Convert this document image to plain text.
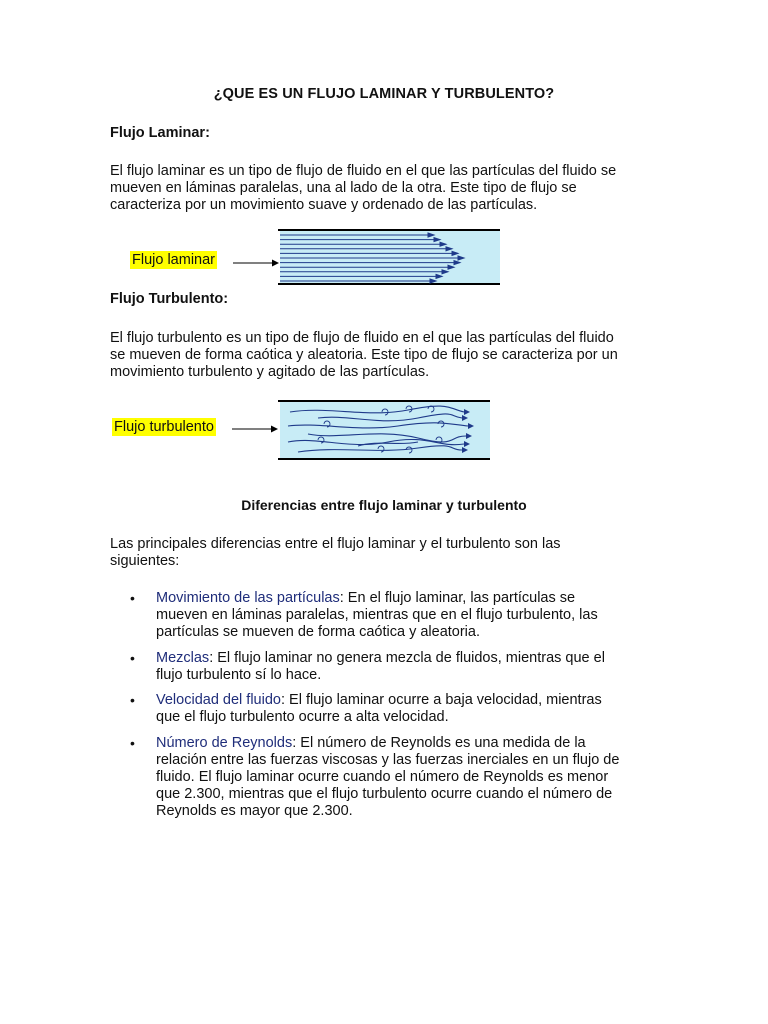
¿QUE ES UN FLUJO LAMINAR Y TURBULENTO?
Flujo Laminar:
El flujo laminar es un tipo de flujo de fluido en el que las partículas del fluido se
mueven en láminas paralelas, una al lado de la otra. Este tipo de flujo se
caracteriza por un movimiento suave y ordenado de las partículas.
Flujo laminar
Flujo Turbulento:
El flujo turbulento es un tipo de flujo de fluido en el que las partículas del fluido
se mueven de forma caótica y aleatoria. Este tipo de flujo se caracteriza por un
movimiento turbulento y agitado de las partículas.
Flujo turbulento
Diferencias entre flujo laminar y turbulento
Las principales diferencias entre el flujo laminar y el turbulento son las
siguientes:
• Movimiento de las partículas: En el flujo laminar, las partículas se
mueven en láminas paralelas, mientras que en el flujo turbulento, las
partículas se mueven de forma caótica y aleatoria.
• Mezclas: El flujo laminar no genera mezcla de fluidos, mientras que el
flujo turbulento sí lo hace.
• Velocidad del fluido: El flujo laminar ocurre a baja velocidad, mientras
que el flujo turbulento ocurre a alta velocidad.
• Número de Reynolds: El número de Reynolds es una medida de la
relación entre las fuerzas viscosas y las fuerzas inerciales en un flujo de
fluido. El flujo laminar ocurre cuando el número de Reynolds es menor
que 2.300, mientras que el flujo turbulento ocurre cuando el número de
Reynolds es mayor que 2.300.
